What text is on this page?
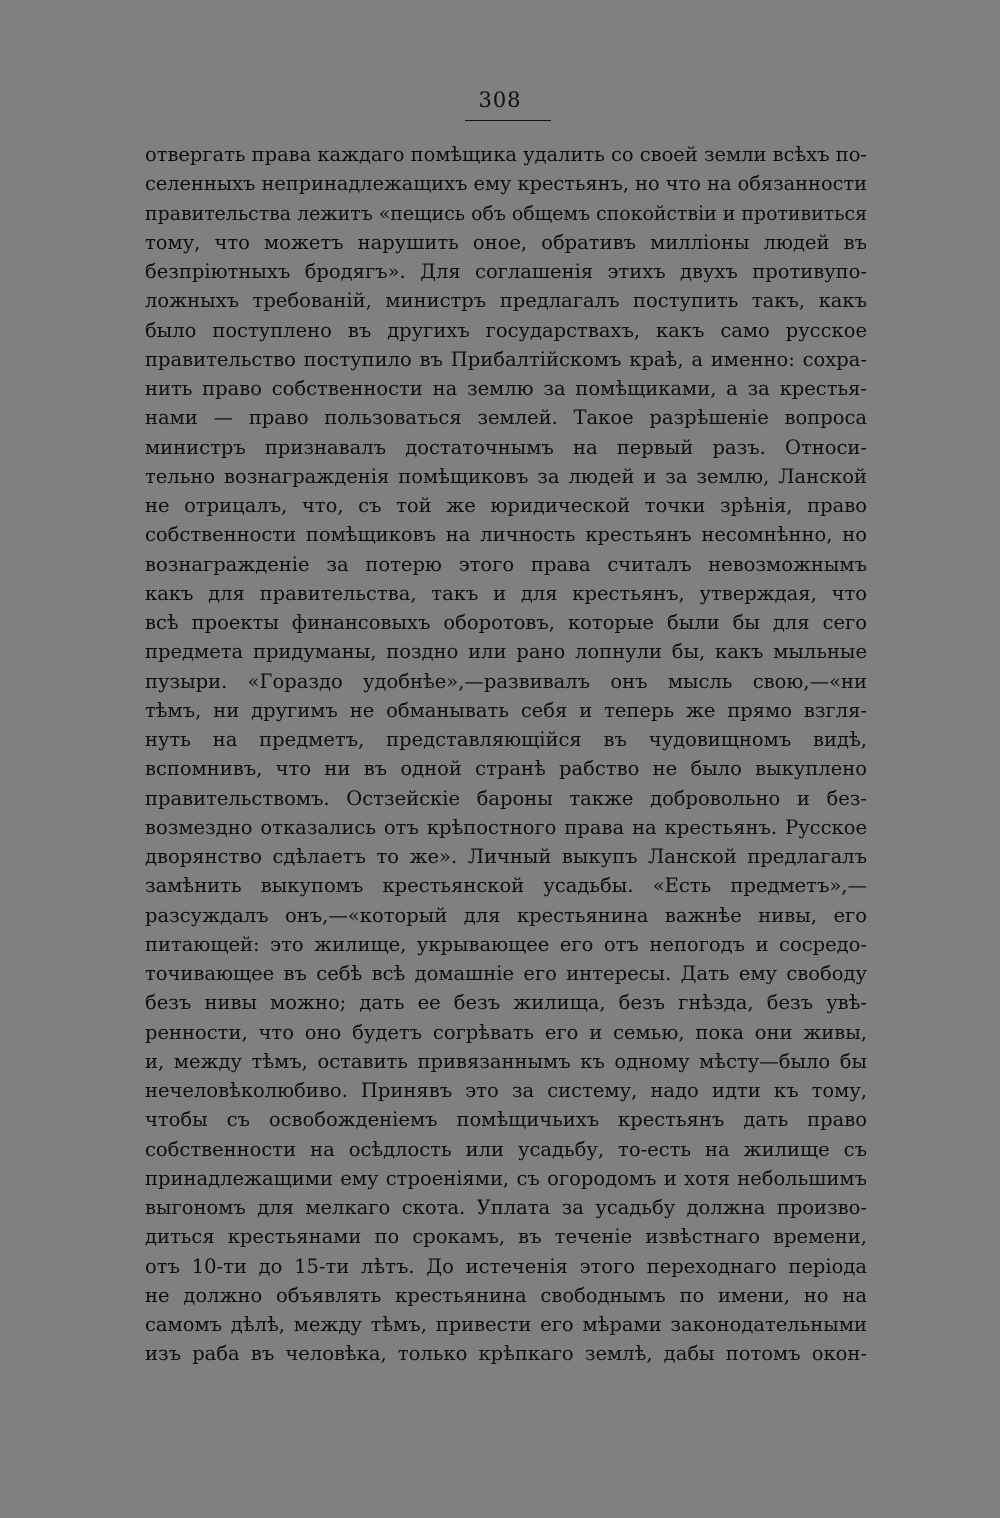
308
отвергать права каждаго помѣщика удалить со своей земли всѣхъ по-
селенныхъ непринадлежащихъ ему крестьянъ, но что на обязанности
правительства лежитъ «пещись объ общемъ спокойствіи и противиться
тому, что можетъ нарушить оное, обративъ милліоны людей въ
безпріютныхъ бродягъ». Для соглашенія этихъ двухъ противупо-
ложныхъ требованій, министръ предлагалъ поступить такъ, какъ
было поступлено въ другихъ государствахъ, какъ само русское
правительство поступило въ Прибалтійскомъ краѣ, а именно: сохра-
нить право собственности на землю за помѣщиками, а за крестья-
нами — право пользоваться землей. Такое разрѣшеніе вопроса
министръ признавалъ достаточнымъ на первый разъ. Относи-
тельно вознагражденія помѣщиковъ за людей и за землю, Ланской
не отрицалъ, что, съ той же юридической точки зрѣнія, право
собственности помѣщиковъ на личность крестьянъ несомнѣнно, но
вознагражденіе за потерю этого права считалъ невозможнымъ
какъ для правительства, такъ и для крестьянъ, утверждая, что
всѣ проекты финансовыхъ оборотовъ, которые были бы для сего
предмета придуманы, поздно или рано лопнули бы, какъ мыльные
пузыри. «Гораздо удобнѣе»,—развивалъ онъ мысль свою,—«ни
тѣмъ, ни другимъ не обманывать себя и теперь же прямо взгля-
нуть на предметъ, представляющійся въ чудовищномъ видѣ,
вспомнивъ, что ни въ одной странѣ рабство не было выкуплено
правительствомъ. Остзейскіе бароны также добровольно и без-
возмездно отказались отъ крѣпостного права на крестьянъ. Русское
дворянство сдѣлаетъ то же». Личный выкупъ Ланской предлагалъ
замѣнить выкупомъ крестьянской усадьбы. «Есть предметъ»,—
разсуждалъ онъ,—«который для крестьянина важнѣе нивы, его
питающей: это жилище, укрывающее его отъ непогодъ и сосредо-
точивающее въ себѣ всѣ домашніе его интересы. Дать ему свободу
безъ нивы можно; дать ее безъ жилища, безъ гнѣзда, безъ увѣ-
ренности, что оно будетъ согрѣвать его и семью, пока они живы,
и, между тѣмъ, оставить привязаннымъ къ одному мѣсту—было бы
нечеловѣколюбиво. Принявъ это за систему, надо идти къ тому,
чтобы съ освобожденіемъ помѣщичьихъ крестьянъ дать право
собственности на осѣдлость или усадьбу, то-есть на жилище съ
принадлежащими ему строеніями, съ огородомъ и хотя небольшимъ
выгономъ для мелкаго скота. Уплата за усадьбу должна произво-
диться крестьянами по срокамъ, въ теченіе извѣстнаго времени,
отъ 10-ти до 15-ти лѣтъ. До истеченія этого переходнаго періода
не должно объявлять крестьянина свободнымъ по имени, но на
самомъ дѣлѣ, между тѣмъ, привести его мѣрами законодательными
изъ раба въ человѣка, только крѣпкаго землѣ, дабы потомъ окон-
